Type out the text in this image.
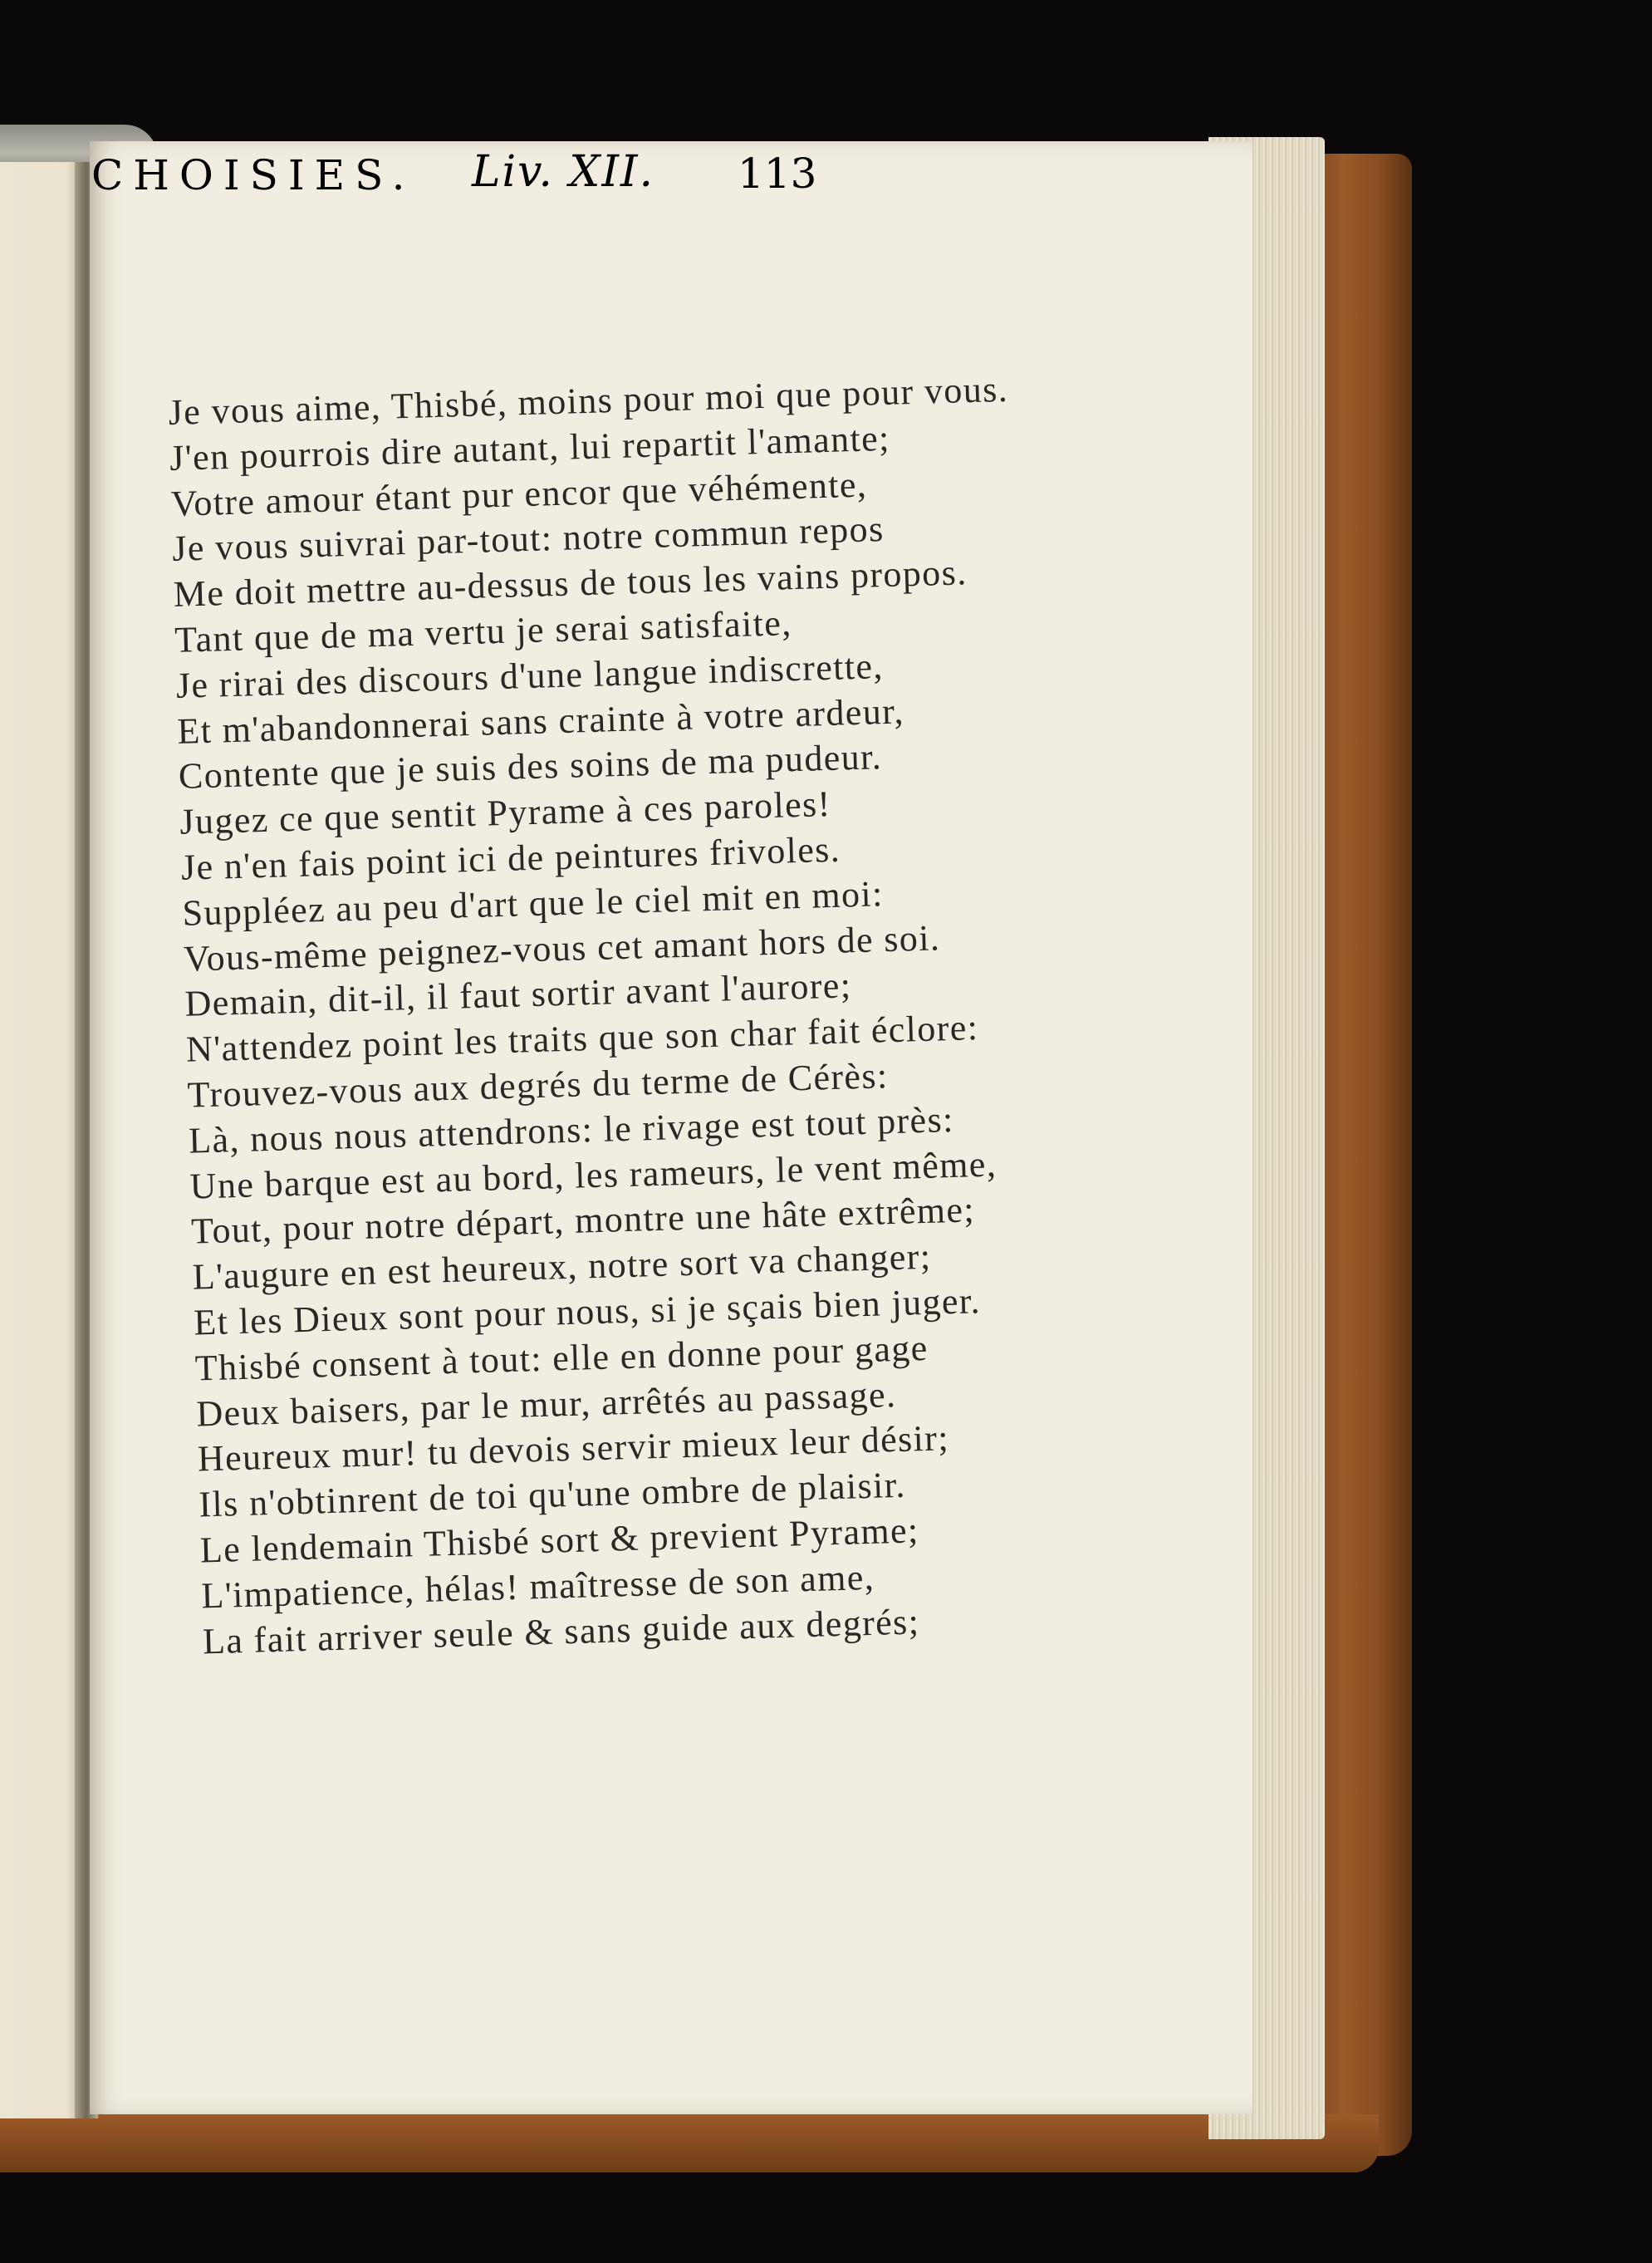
CHOISIES. Liv. XII. 113
Je vous aime, Thisbé, moins pour moi que pour vous.
J'en pourrois dire autant, lui repartit l'amante;
Votre amour étant pur encor que véhémente,
Je vous suivrai par-tout: notre commun repos
Me doit mettre au-dessus de tous les vains propos.
Tant que de ma vertu je serai satisfaite,
Je rirai des discours d'une langue indiscrette,
Et m'abandonnerai sans crainte à votre ardeur,
Contente que je suis des soins de ma pudeur.
Jugez ce que sentit Pyrame à ces paroles!
Je n'en fais point ici de peintures frivoles.
Suppléez au peu d'art que le ciel mit en moi:
Vous-même peignez-vous cet amant hors de soi.
Demain, dit-il, il faut sortir avant l'aurore;
N'attendez point les traits que son char fait éclore:
Trouvez-vous aux degrés du terme de Cérès:
Là, nous nous attendrons: le rivage est tout près:
Une barque est au bord, les rameurs, le vent même,
Tout, pour notre départ, montre une hâte extrême;
L'augure en est heureux, notre sort va changer;
Et les Dieux sont pour nous, si je sçais bien juger.
Thisbé consent à tout: elle en donne pour gage
Deux baisers, par le mur, arrêtés au passage.
Heureux mur! tu devois servir mieux leur désir;
Ils n'obtinrent de toi qu'une ombre de plaisir.
Le lendemain Thisbé sort & previent Pyrame;
L'impatience, hélas! maîtresse de son ame,
La fait arriver seule & sans guide aux degrés;
